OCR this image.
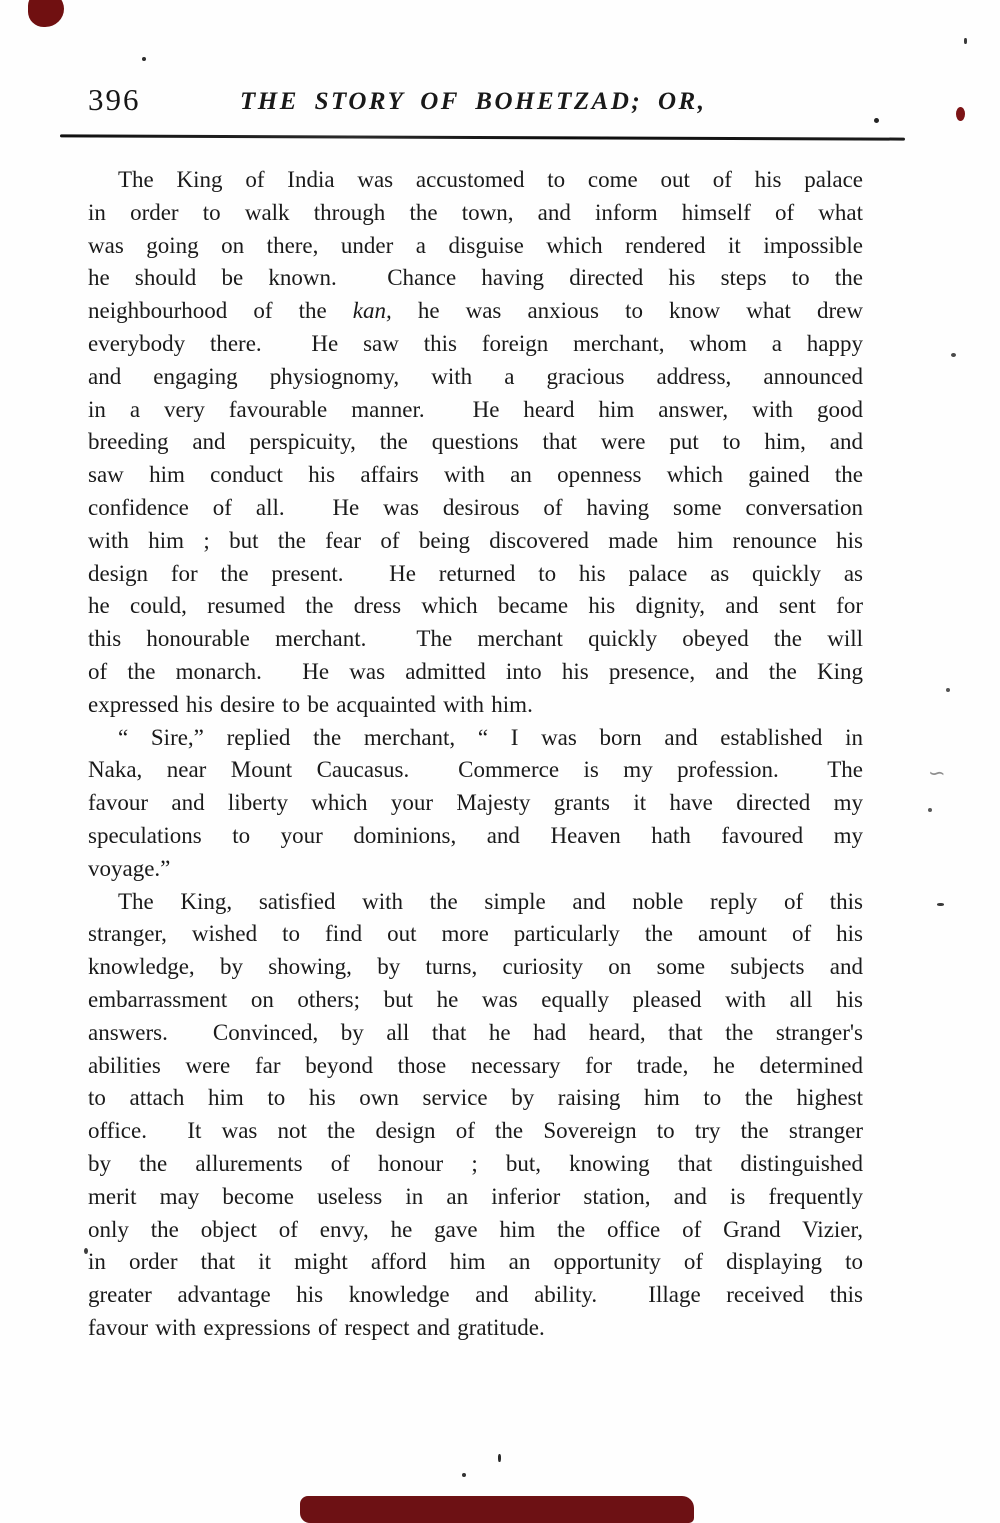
396	THE STORY OF BOHETZAD; OR,
The King of India was accustomed to come out of his palace
in order to walk through the town, and inform himself of what
was going on there, under a disguise which rendered it impossible
he should be known.  Chance having directed his steps to the
neighbourhood of the kan, he was anxious to know what drew
everybody there.  He saw this foreign merchant, whom a happy
and engaging physiognomy, with a gracious address, announced
in a very favourable manner.  He heard him answer, with good
breeding and perspicuity, the questions that were put to him, and
saw him conduct his affairs with an openness which gained the
confidence of all.  He was desirous of having some conversation
with him ; but the fear of being discovered made him renounce his
design for the present.  He returned to his palace as quickly as
he could, resumed the dress which became his dignity, and sent for
this honourable merchant.  The merchant quickly obeyed the will
of the monarch.  He was admitted into his presence, and the King
expressed his desire to be acquainted with him.
“ Sire,” replied the merchant, “ I was born and established in
Naka, near Mount Caucasus.  Commerce is my profession.  The
favour and liberty which your Majesty grants it have directed my
speculations to your dominions, and Heaven hath favoured my
voyage.”
The King, satisfied with the simple and noble reply of this
stranger, wished to find out more particularly the amount of his
knowledge, by showing, by turns, curiosity on some subjects and
embarrassment on others; but he was equally pleased with all his
answers.  Convinced, by all that he had heard, that the stranger's
abilities were far beyond those necessary for trade, he determined
to attach him to his own service by raising him to the highest
office.  It was not the design of the Sovereign to try the stranger
by the allurements of honour ; but, knowing that distinguished
merit may become useless in an inferior station, and is frequently
only the object of envy, he gave him the office of Grand Vizier,
in order that it might afford him an opportunity of displaying to
greater advantage his knowledge and ability.  Illage received this
favour with expressions of respect and gratitude.
∽
